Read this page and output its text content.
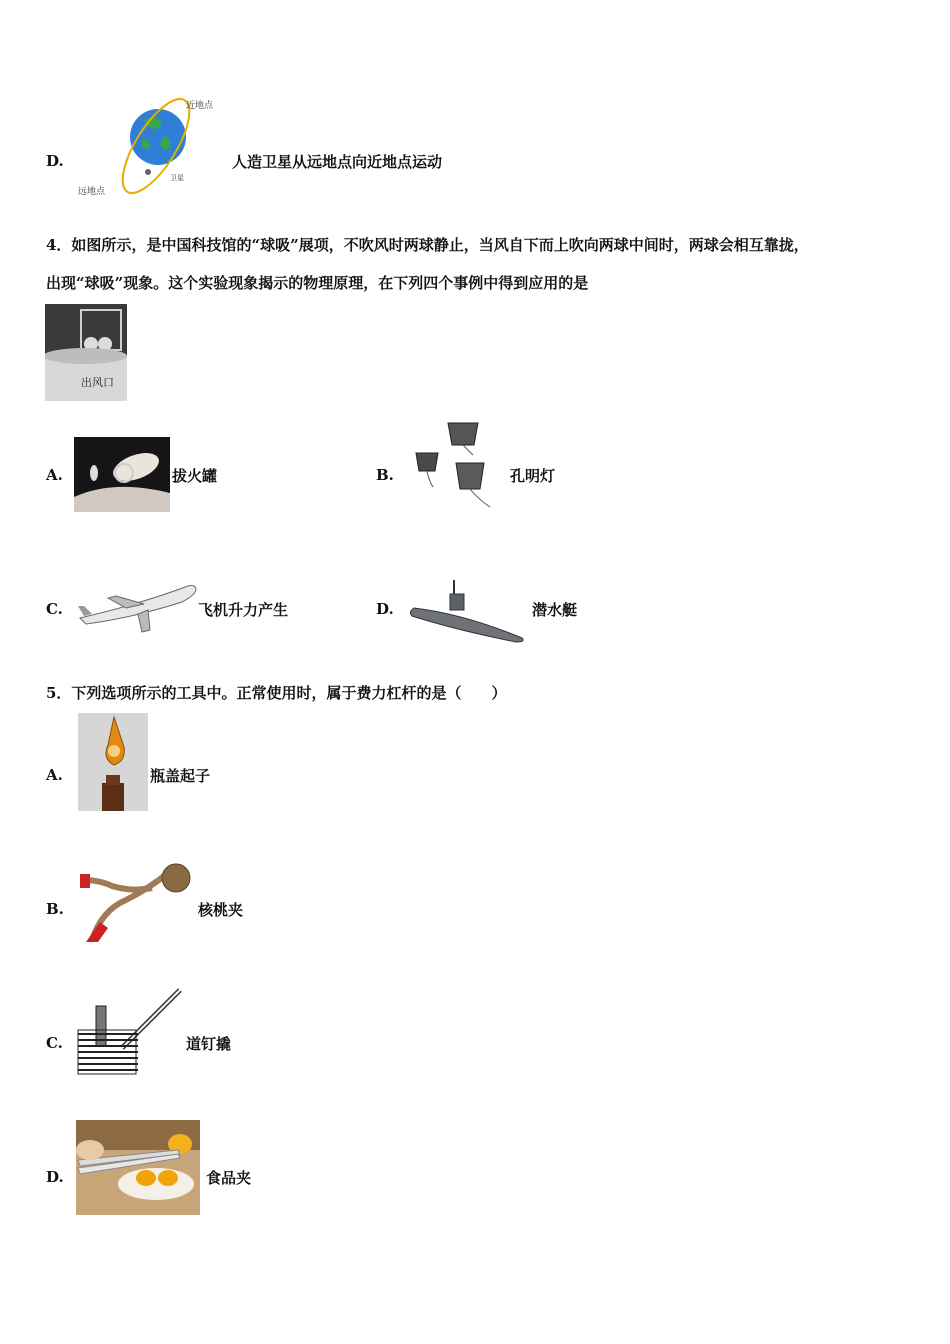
D.
近地点
远地点
卫星
人造卫星从远地点向近地点运动
4．如图所示，是中国科技馆的“球吸”展项，不吹风时两球静止，当风自下而上吹向两球中间时，两球会相互靠拢，
出现“球吸”现象。这个实验现象揭示的物理原理，在下列四个事例中得到应用的是
出风口
A.	拔火罐	B.	孔明灯
C.	飞机升力产生	D.	潜水艇
5．下列选项所示的工具中。正常使用时，属于费力杠杆的是（　　）
A.	瓶盖起子
B.	核桃夹
C.	道钉撬
D.	食品夹
